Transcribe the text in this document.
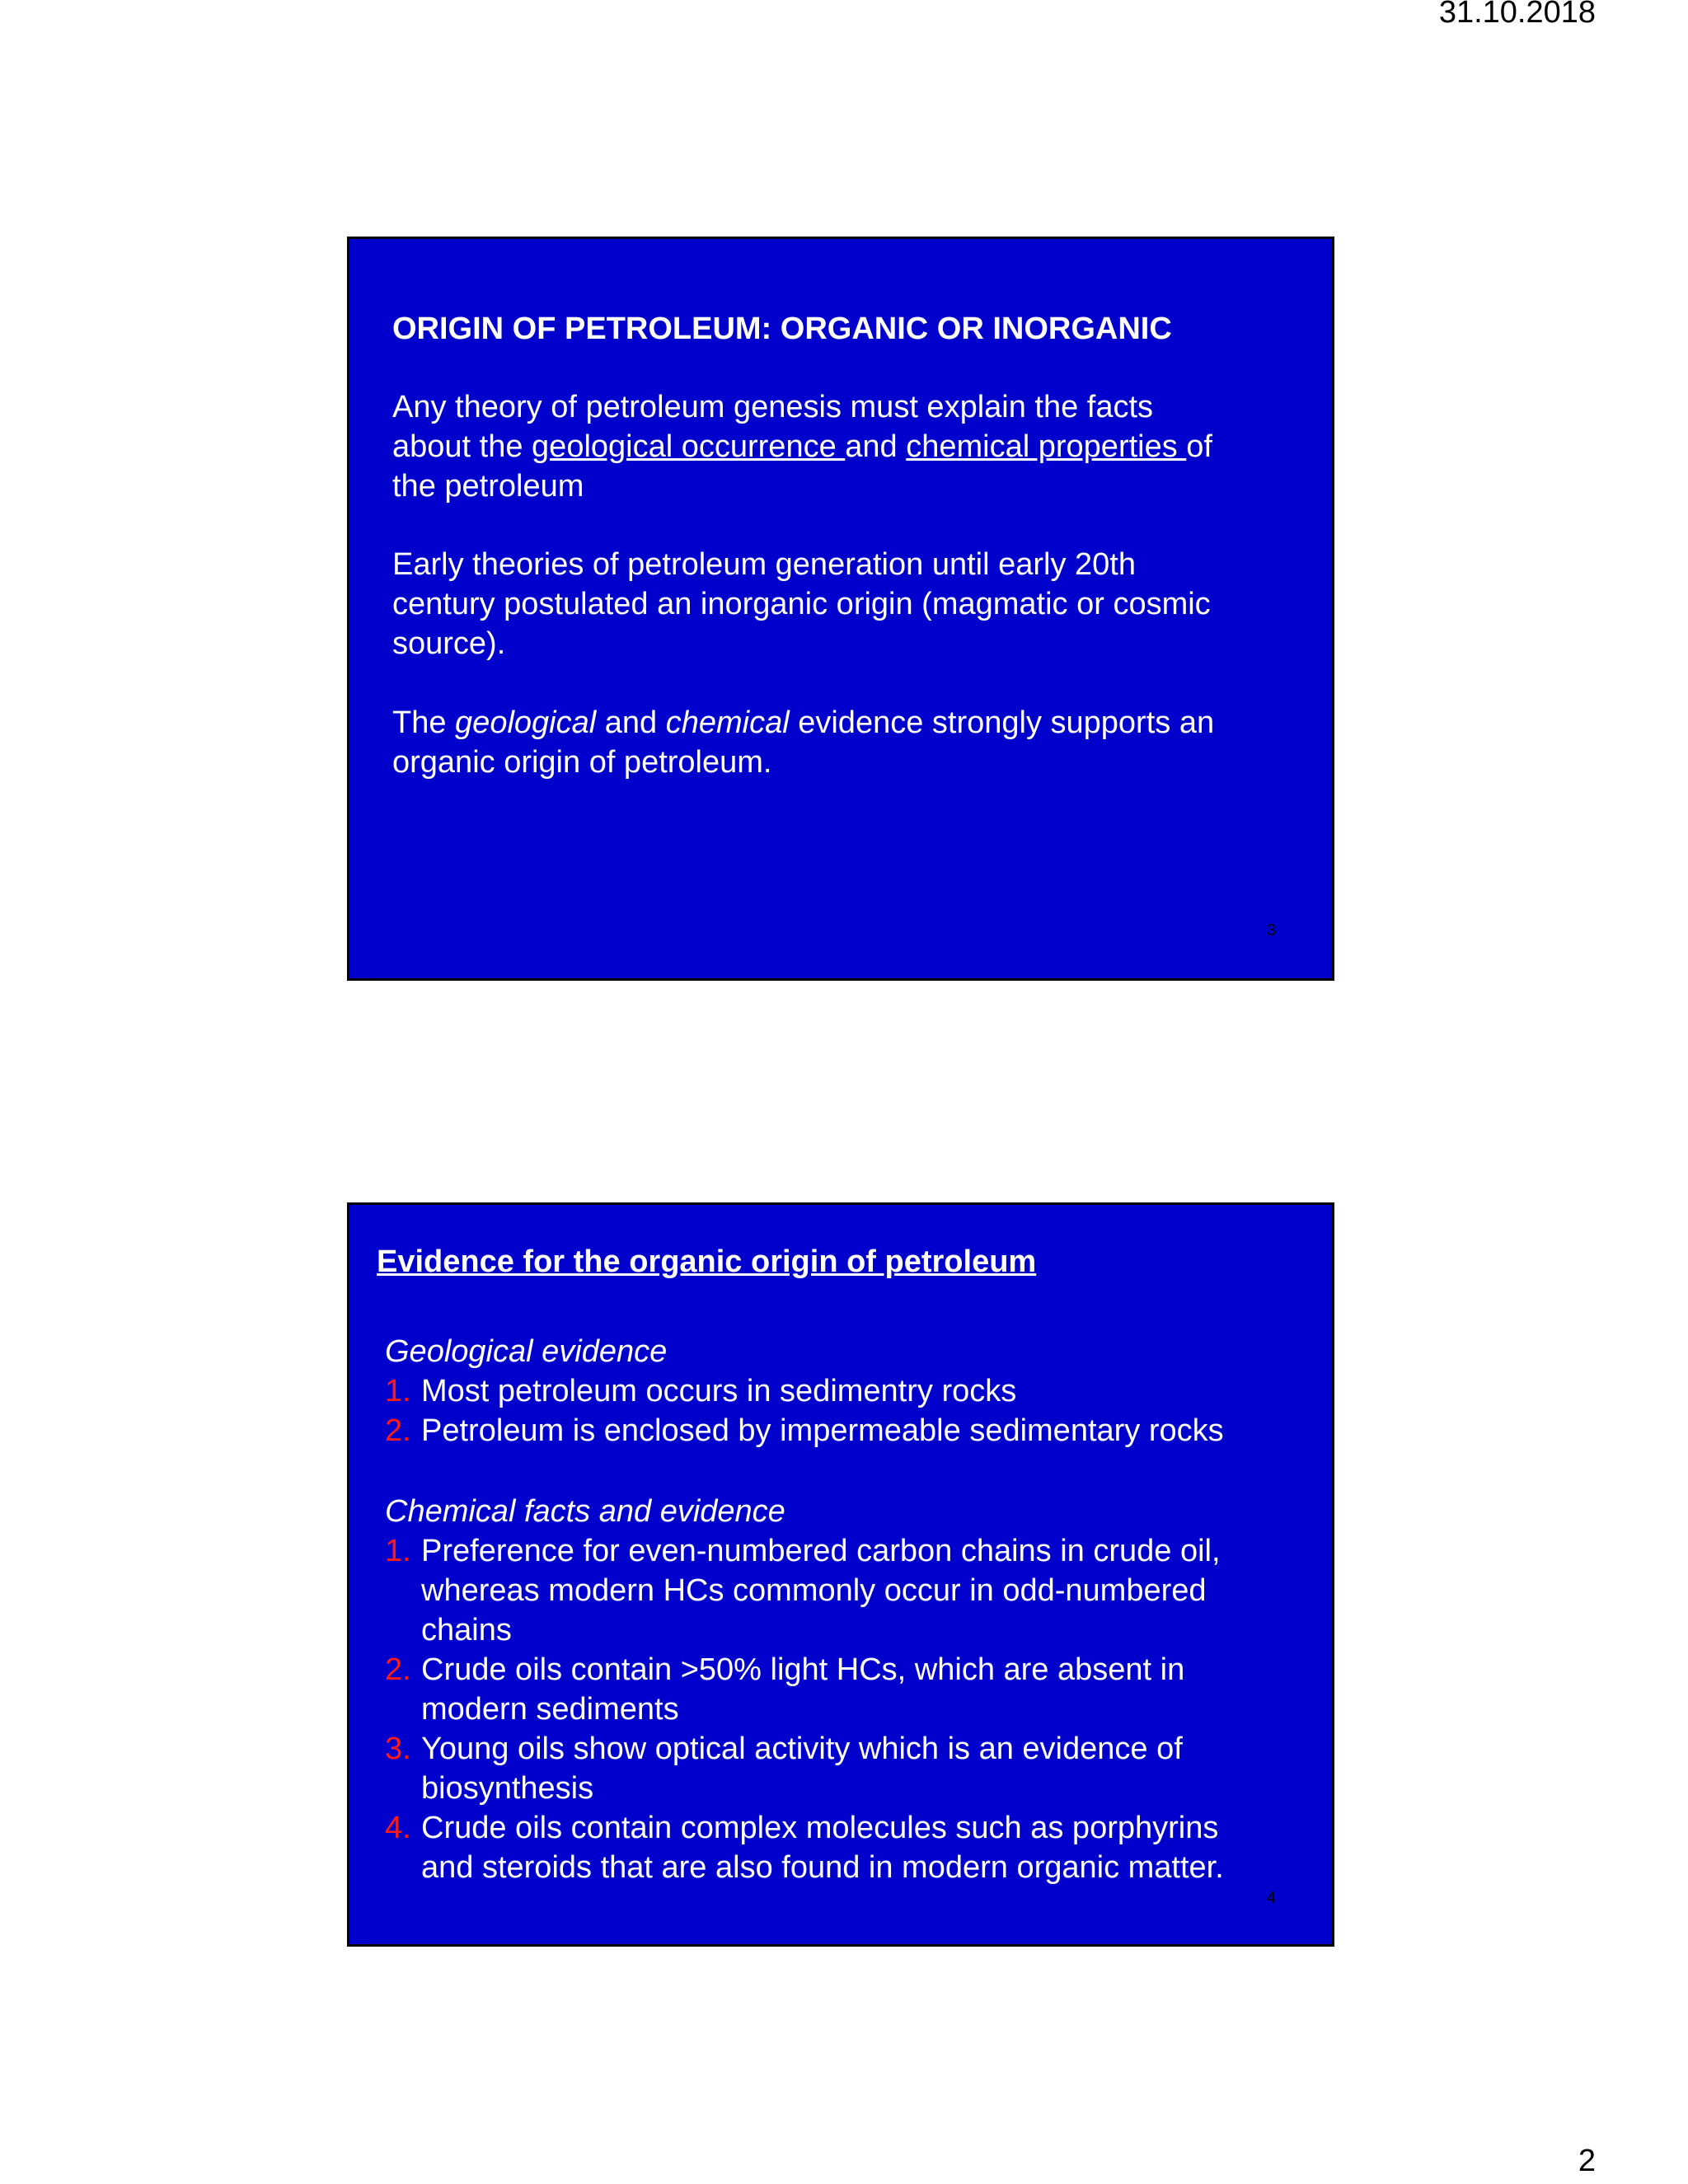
31.10.2018

ORIGIN OF PETROLEUM: ORGANIC OR INORGANIC

Any theory of petroleum genesis must explain the facts

about the geological occurrence and chemical properties of

the petroleum

Early theories of petroleum generation until early 20th

century postulated an inorganic origin (magmatic or cosmic

source).

The geological and chemical evidence strongly supports an

organic origin of petroleum.

3

Evidence for the organic origin of petroleum

Geological evidence

1. Most petroleum occurs in sedimentry rocks

2. Petroleum is enclosed by impermeable sedimentary rocks

Chemical facts and evidence

1. Preference for even-numbered carbon chains in crude oil,

whereas modern HCs commonly occur in odd-numbered

chains

2. Crude oils contain >50% light HCs, which are absent in

modern sediments

3. Young oils show optical activity which is an evidence of

biosynthesis

4. Crude oils contain complex molecules such as porphyrins

and steroids that are also found in modern organic matter.

4
2
